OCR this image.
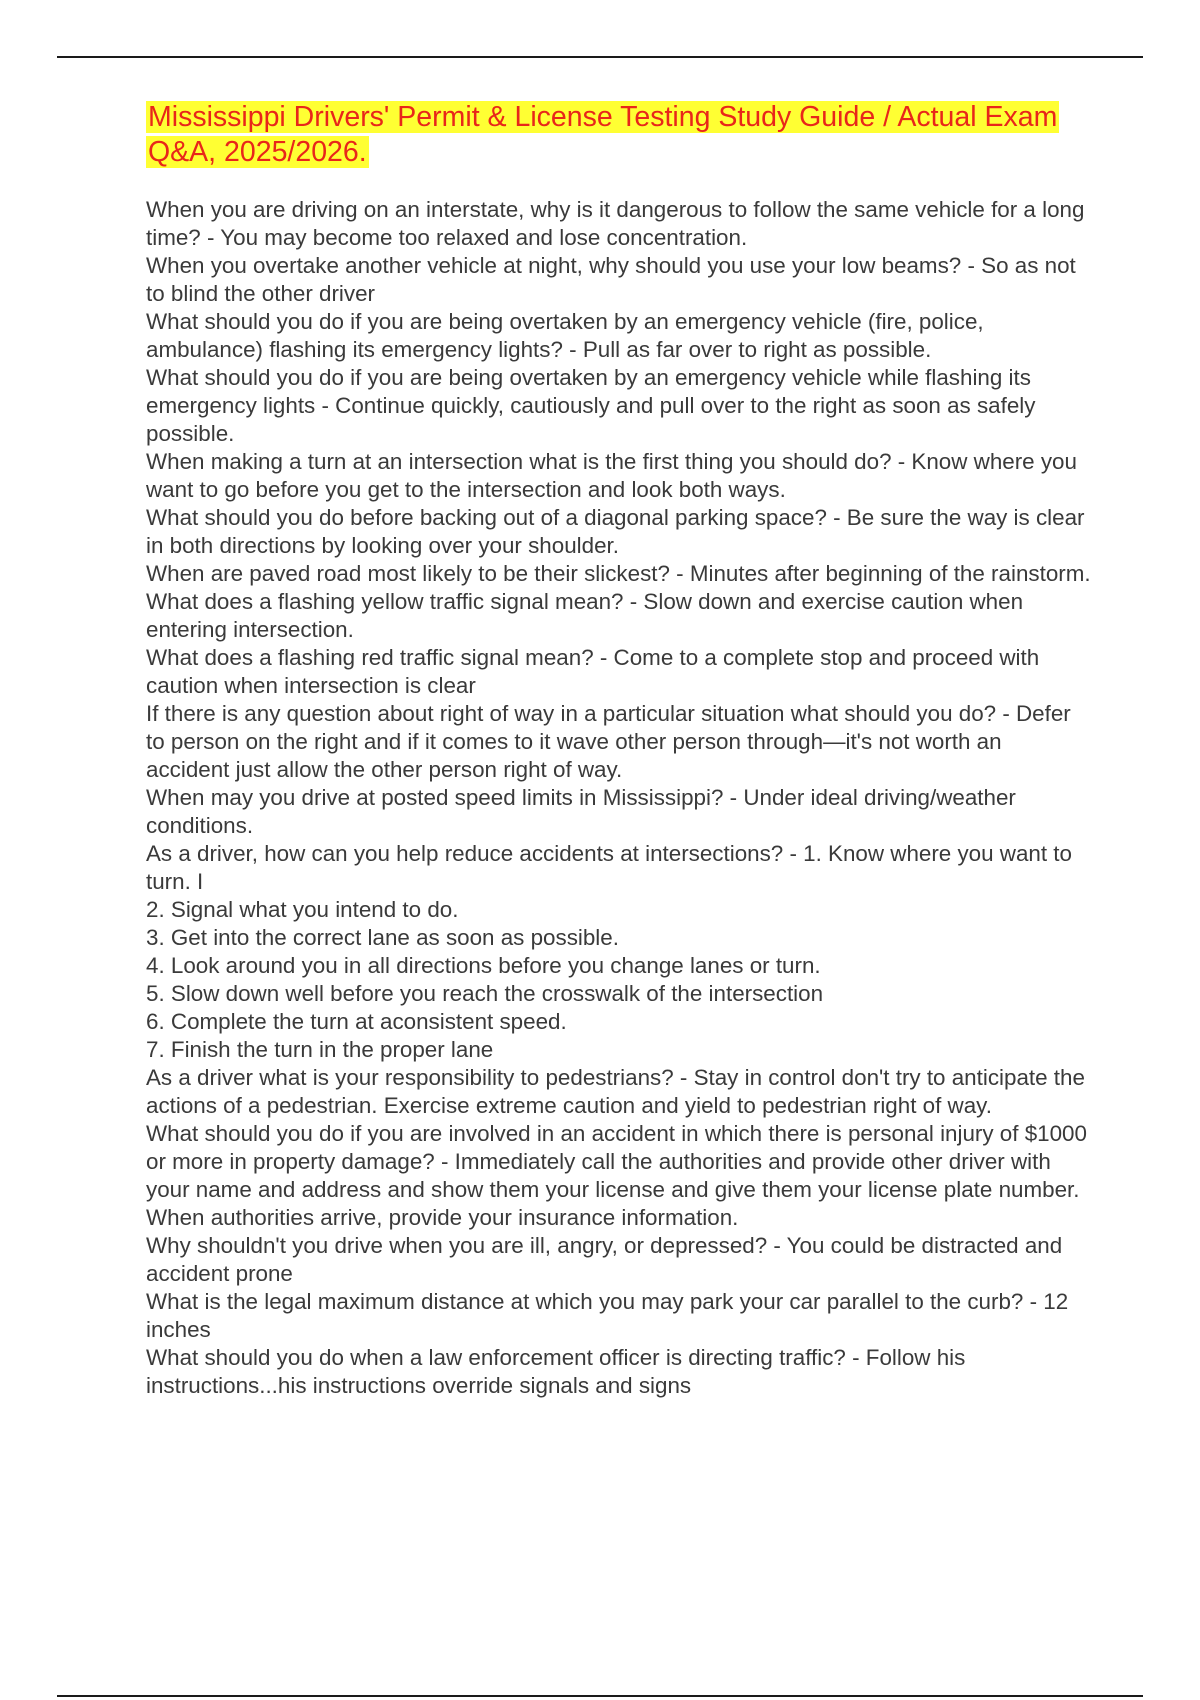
Mississippi Drivers' Permit & License Testing Study Guide / Actual Exam Q&A, 2025/2026.

When you are driving on an interstate, why is it dangerous to follow the same vehicle for a long time? - You may become too relaxed and lose concentration.

When you overtake another vehicle at night, why should you use your low beams? - So as not to blind the other driver

What should you do if you are being overtaken by an emergency vehicle (fire, police, ambulance) flashing its emergency lights? - Pull as far over to right as possible.

What should you do if you are being overtaken by an emergency vehicle while flashing its emergency lights - Continue quickly, cautiously and pull over to the right as soon as safely possible.

When making a turn at an intersection what is the first thing you should do? - Know where you want to go before you get to the intersection and look both ways.

What should you do before backing out of a diagonal parking space? - Be sure the way is clear in both directions by looking over your shoulder.

When are paved road most likely to be their slickest? - Minutes after beginning of the rainstorm.

What does a flashing yellow traffic signal mean? - Slow down and exercise caution when entering intersection.

What does a flashing red traffic signal mean? - Come to a complete stop and proceed with caution when intersection is clear

If there is any question about right of way in a particular situation what should you do? - Defer to person on the right and if it comes to it wave other person through—it's not worth an accident just allow the other person right of way.

When may you drive at posted speed limits in Mississippi? - Under ideal driving/weather conditions.

As a driver, how can you help reduce accidents at intersections? - 1. Know where you want to turn. I

2. Signal what you intend to do.

3. Get into the correct lane as soon as possible.

4. Look around you in all directions before you change lanes or turn.

5. Slow down well before you reach the crosswalk of the intersection

6. Complete the turn at aconsistent speed.

7. Finish the turn in the proper lane

As a driver what is your responsibility to pedestrians? - Stay in control don't try to anticipate the actions of a pedestrian. Exercise extreme caution and yield to pedestrian right of way.

What should you do if you are involved in an accident in which there is personal injury of $1000 or more in property damage? - Immediately call the authorities and provide other driver with your name and address and show them your license and give them your license plate number. When authorities arrive, provide your insurance information.

Why shouldn't you drive when you are ill, angry, or depressed? - You could be distracted and accident prone

What is the legal maximum distance at which you may park your car parallel to the curb? - 12 inches

What should you do when a law enforcement officer is directing traffic? - Follow his instructions...his instructions override signals and signs
